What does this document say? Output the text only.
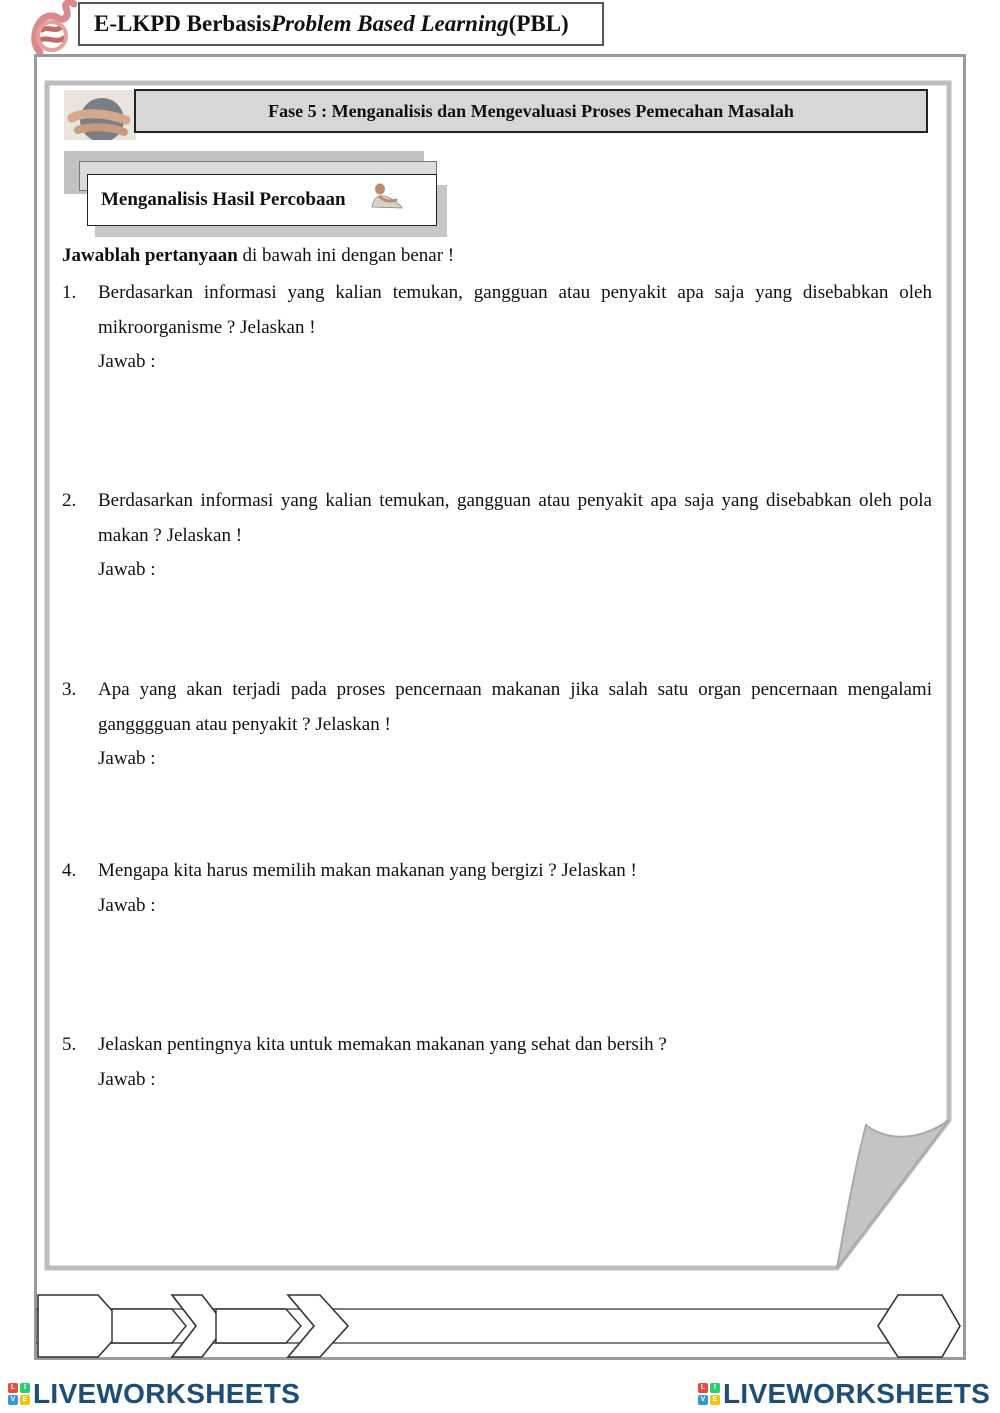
E-LKPD Berbasis Problem Based Learning (PBL)
Fase 5 : Menganalisis dan Mengevaluasi Proses Pemecahan Masalah
Menganalisis Hasil Percobaan
Jawablah pertanyaan di bawah ini dengan benar !
1. Berdasarkan informasi yang kalian temukan, gangguan atau penyakit apa saja yang disebabkan oleh mikroorganisme ? Jelaskan !
Jawab :
2. Berdasarkan informasi yang kalian temukan, gangguan atau penyakit apa saja yang disebabkan oleh pola makan ? Jelaskan !
Jawab :
3. Apa yang akan terjadi pada proses pencernaan makanan jika salah satu organ pencernaan mengalami gangggguan atau penyakit ? Jelaskan !
Jawab :
4. Mengapa kita harus memilih makan makanan yang bergizi ? Jelaskan !
Jawab :
5. Jelaskan pentingnya kita untuk memakan makanan yang sehat dan bersih ?
Jawab :
L	I
V	E LIVEWORKSHEETS	L	I
V	E LIVEWORKSHEETS
